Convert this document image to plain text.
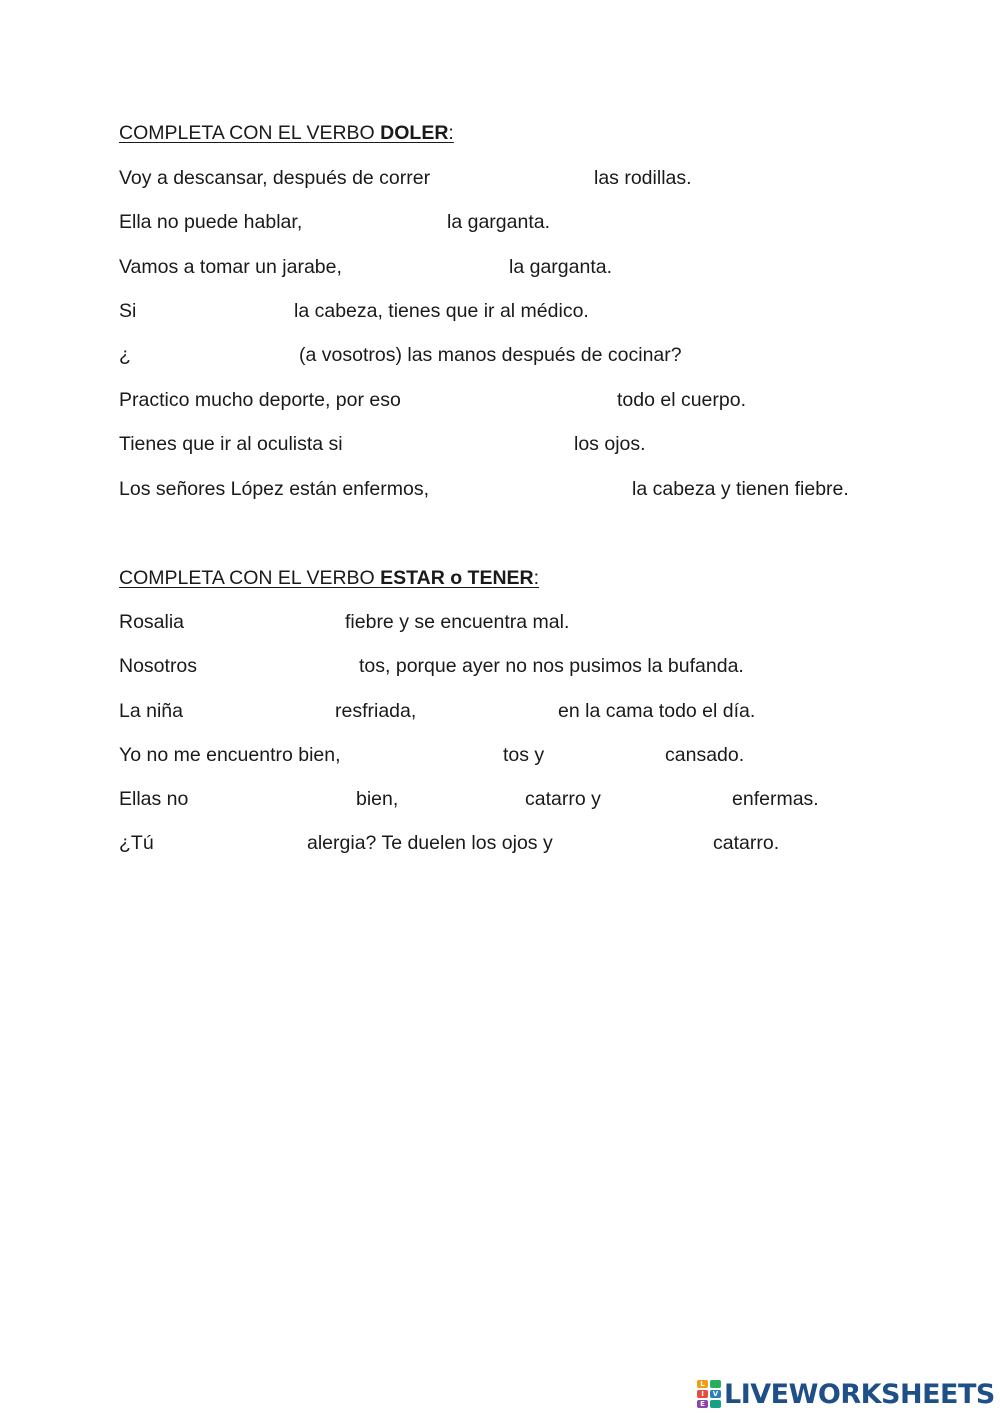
COMPLETA CON EL VERBO DOLER:
Voy a descansar, después de correr	las rodillas.
Ella no puede hablar,	la garganta.
Vamos a tomar un jarabe,	la garganta.
Si	la cabeza, tienes que ir al médico.
¿	(a vosotros) las manos después de cocinar?
Practico mucho deporte, por eso	todo el cuerpo.
Tienes que ir al oculista si	los ojos.
Los señores López están enfermos,	la cabeza y tienen fiebre.
COMPLETA CON EL VERBO ESTAR o TENER:
Rosalia	fiebre y se encuentra mal.
Nosotros	tos, porque ayer no nos pusimos la bufanda.
La niña	resfriada,	en la cama todo el día.
Yo no me encuentro bien,	tos y	cansado.
Ellas no	bien,	catarro y	enfermas.
¿Tú	alergia? Te duelen los ojos y	catarro.
L
I	V
E LIVEWORKSHEETS
